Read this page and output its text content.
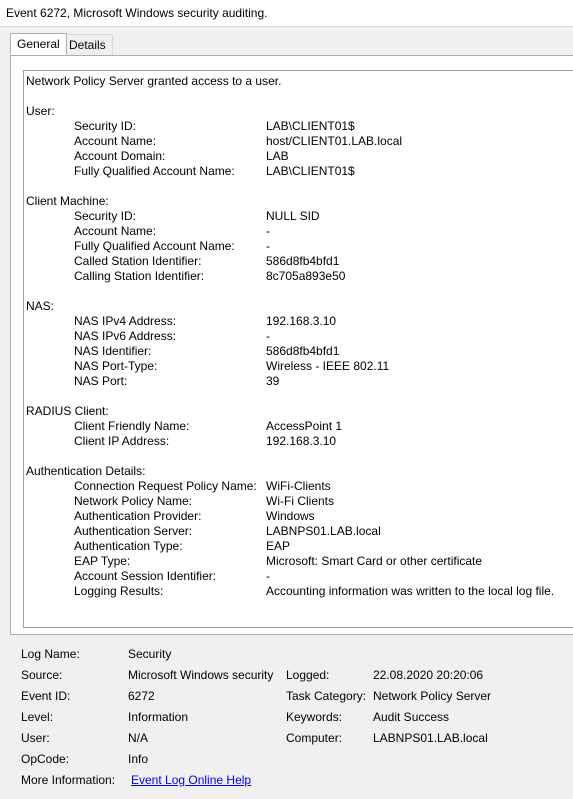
Event 6272, Microsoft Windows security auditing.
General Details
Network Policy Server granted access to a user.
User:
Security ID:	LAB\CLIENT01$
Account Name:	host/CLIENT01.LAB.local
Account Domain:	LAB
Fully Qualified Account Name:	LAB\CLIENT01$
Client Machine:
Security ID:	NULL SID
Account Name:	-
Fully Qualified Account Name:	-
Called Station Identifier:	586d8fb4bfd1
Calling Station Identifier:	8c705a893e50
NAS:
NAS IPv4 Address:	192.168.3.10
NAS IPv6 Address:	-
NAS Identifier:	586d8fb4bfd1
NAS Port-Type:	Wireless - IEEE 802.11
NAS Port:	39
RADIUS Client:
Client Friendly Name:	AccessPoint 1
Client IP Address:	192.168.3.10
Authentication Details:
Connection Request Policy Name: WiFi-Clients
Network Policy Name:	Wi-Fi Clients
Authentication Provider:	Windows
Authentication Server:	LABNPS01.LAB.local
Authentication Type:	EAP
EAP Type:	Microsoft: Smart Card or other certificate
Account Session Identifier:	-
Logging Results:	Accounting information was written to the local log file.
Log Name:	Security
Source:	Microsoft Windows security Logged:	22.08.2020 20:20:06
Event ID:	6272	Task Category: Network Policy Server
Level:	Information	Keywords:	Audit Success
User:	N/A	Computer:	LABNPS01.LAB.local
OpCode:	Info
More Information: Event Log Online Help
